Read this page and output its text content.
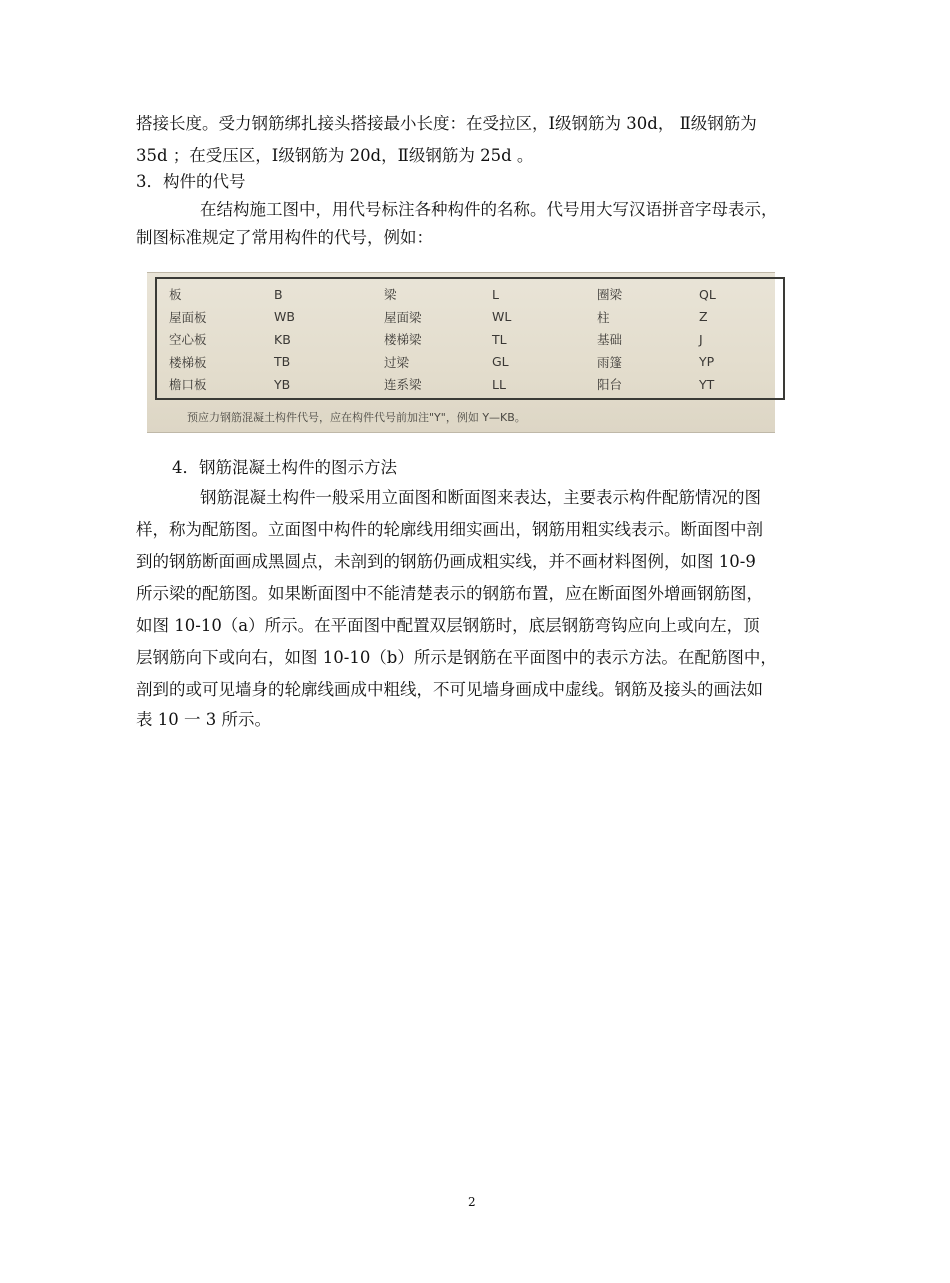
搭接长度。受力钢筋绑扎接头搭接最小长度：在受拉区，Ⅰ级钢筋为 30d， Ⅱ级钢筋为
35d ；在受压区，Ⅰ级钢筋为 20d，Ⅱ级钢筋为 25d 。
3．构件的代号
在结构施工图中，用代号标注各种构件的名称。代号用大写汉语拼音字母表示，
制图标准规定了常用构件的代号，例如：
板	B	梁	L	圈梁	QL
屋面板	WB	屋面梁	WL	柱	Z
空心板	KB	楼梯梁	TL	基础	J
楼梯板	TB	过梁	GL	雨篷	YP
檐口板	YB	连系梁	LL	阳台	YT
预应力钢筋混凝土构件代号，应在构件代号前加注"Y"，例如 Y—KB。
4．钢筋混凝土构件的图示方法
钢筋混凝土构件一般采用立面图和断面图来表达，主要表示构件配筋情况的图
样，称为配筋图。立面图中构件的轮廓线用细实画出，钢筋用粗实线表示。断面图中剖
到的钢筋断面画成黑圆点，未剖到的钢筋仍画成粗实线，并不画材料图例，如图 10-9
所示梁的配筋图。如果断面图中不能清楚表示的钢筋布置，应在断面图外增画钢筋图，
如图 10-10（a）所示。在平面图中配置双层钢筋时，底层钢筋弯钩应向上或向左，顶
层钢筋向下或向右，如图 10-10（b）所示是钢筋在平面图中的表示方法。在配筋图中，
剖到的或可见墙身的轮廓线画成中粗线，不可见墙身画成中虚线。钢筋及接头的画法如
表 10 一 3 所示。
2
